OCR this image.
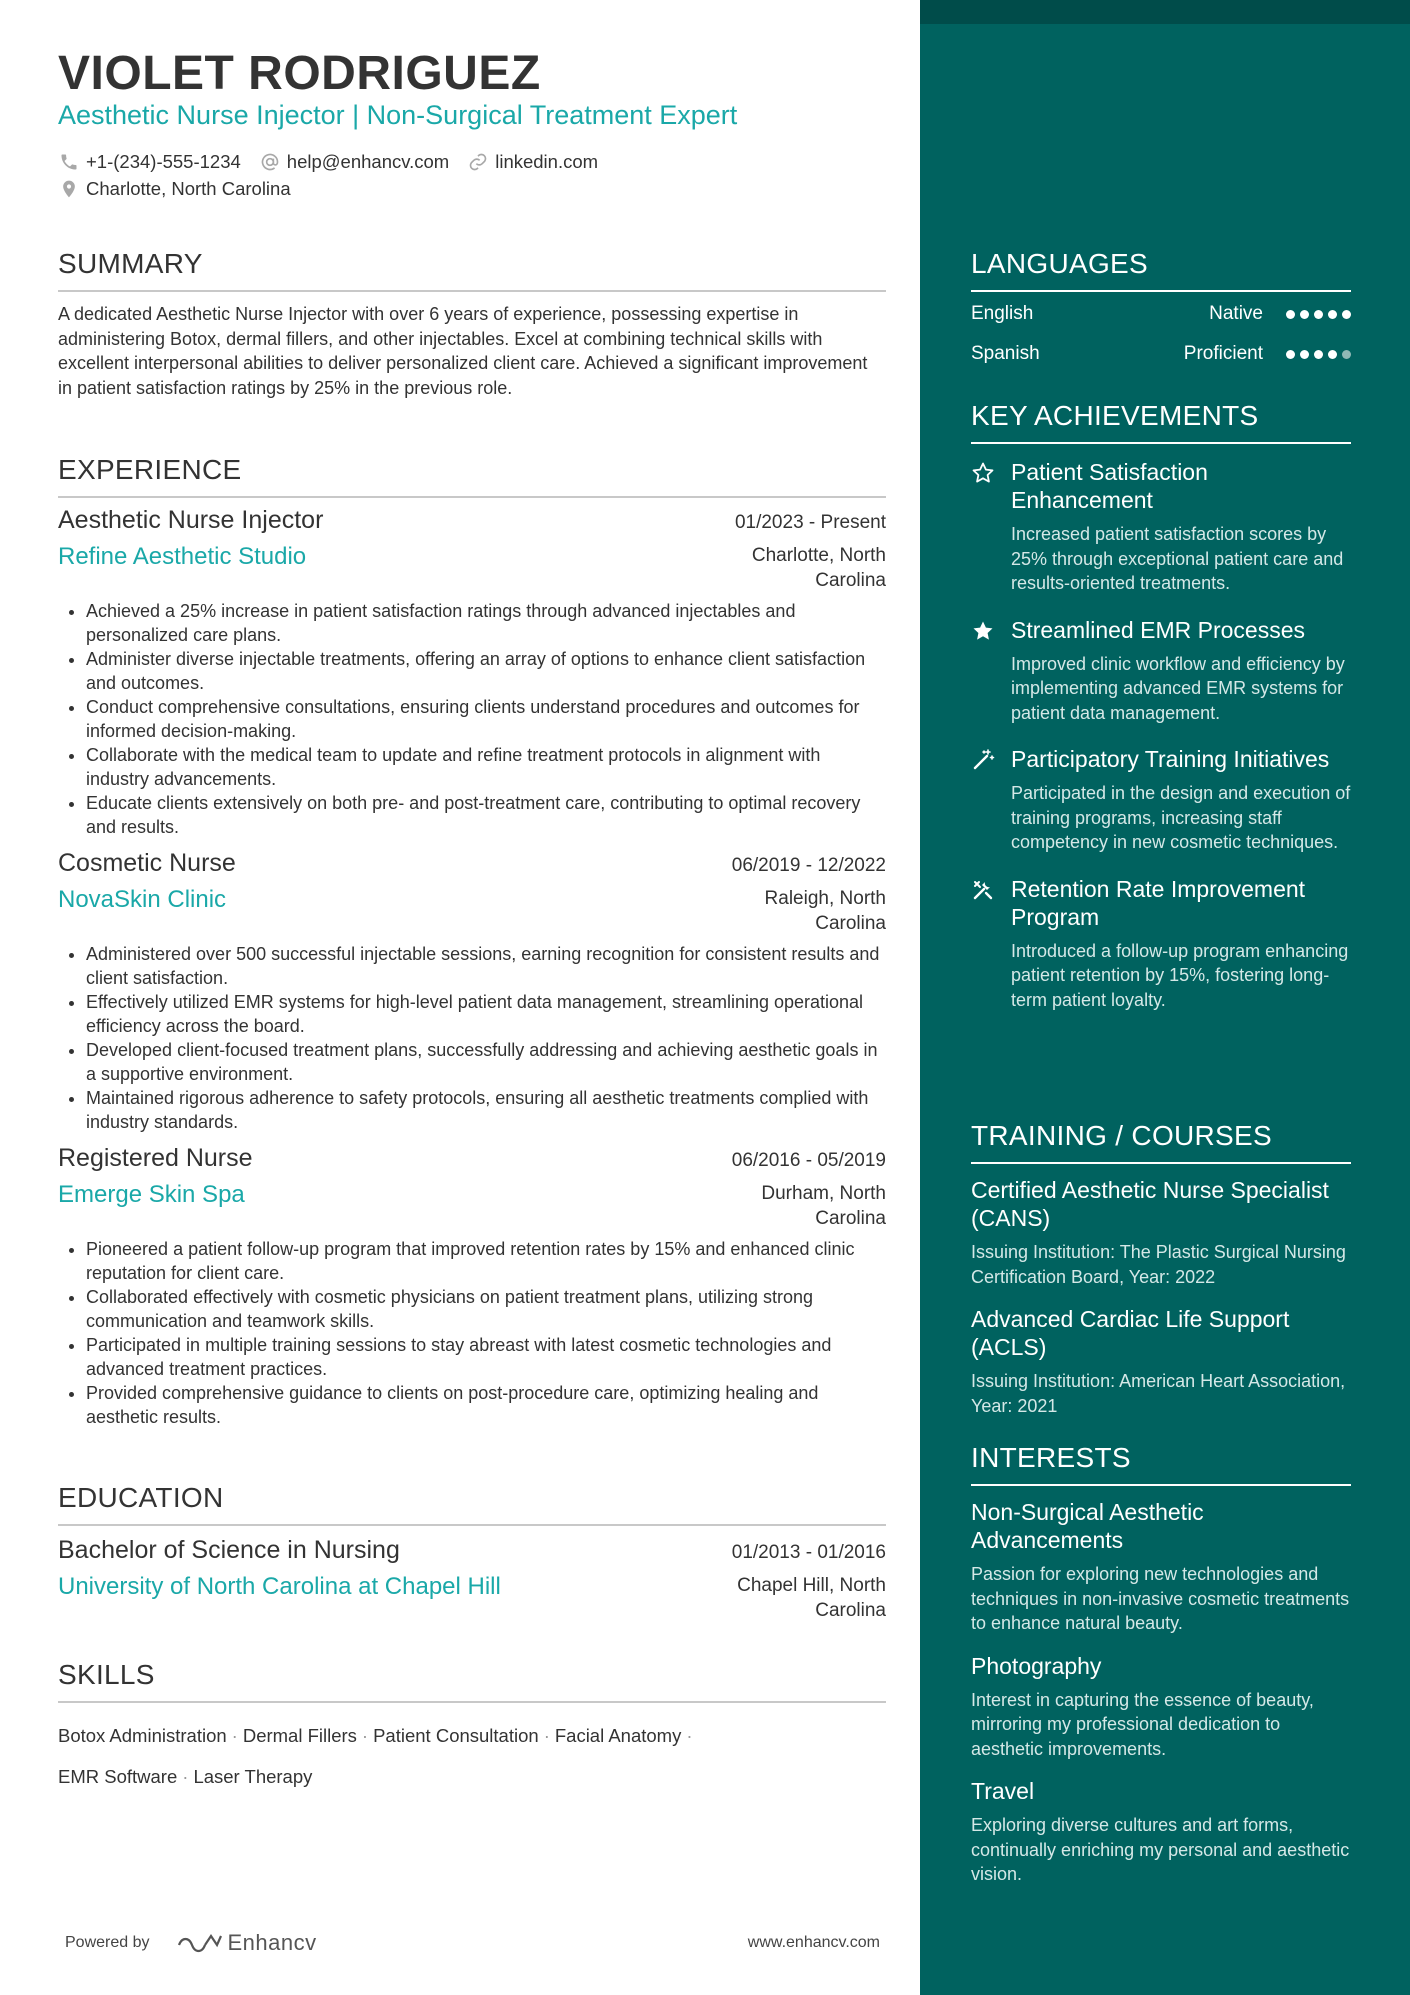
VIOLET RODRIGUEZ
Aesthetic Nurse Injector | Non-Surgical Treatment Expert
+1-(234)-555-1234 help@enhancv.com linkedin.com
Charlotte, North Carolina
SUMMARY
A dedicated Aesthetic Nurse Injector with over 6 years of experience, possessing expertise in administering Botox, dermal fillers, and other injectables. Excel at combining technical skills with excellent interpersonal abilities to deliver personalized client care. Achieved a significant improvement in patient satisfaction ratings by 25% in the previous role.
EXPERIENCE
Aesthetic Nurse Injector	01/2023 - Present
Refine Aesthetic Studio	Charlotte, North Carolina
• Achieved a 25% increase in patient satisfaction ratings through advanced injectables and personalized care plans.
• Administer diverse injectable treatments, offering an array of options to enhance client satisfaction and outcomes.
• Conduct comprehensive consultations, ensuring clients understand procedures and outcomes for informed decision-making.
• Collaborate with the medical team to update and refine treatment protocols in alignment with industry advancements.
• Educate clients extensively on both pre- and post-treatment care, contributing to optimal recovery and results.
Cosmetic Nurse	06/2019 - 12/2022
NovaSkin Clinic	Raleigh, North Carolina
• Administered over 500 successful injectable sessions, earning recognition for consistent results and client satisfaction.
• Effectively utilized EMR systems for high-level patient data management, streamlining operational efficiency across the board.
• Developed client-focused treatment plans, successfully addressing and achieving aesthetic goals in a supportive environment.
• Maintained rigorous adherence to safety protocols, ensuring all aesthetic treatments complied with industry standards.
Registered Nurse	06/2016 - 05/2019
Emerge Skin Spa	Durham, North Carolina
• Pioneered a patient follow-up program that improved retention rates by 15% and enhanced clinic reputation for client care.
• Collaborated effectively with cosmetic physicians on patient treatment plans, utilizing strong communication and teamwork skills.
• Participated in multiple training sessions to stay abreast with latest cosmetic technologies and advanced treatment practices.
• Provided comprehensive guidance to clients on post-procedure care, optimizing healing and aesthetic results.
EDUCATION
Bachelor of Science in Nursing	01/2013 - 01/2016
University of North Carolina at Chapel Hill	Chapel Hill, North Carolina
SKILLS
Botox Administration · Dermal Fillers · Patient Consultation · Facial Anatomy ·
EMR Software · Laser Therapy
Powered by	Enhancv	www.enhancv.com
LANGUAGES
English	Native
Spanish	Proficient
KEY ACHIEVEMENTS
Patient Satisfaction Enhancement
Increased patient satisfaction scores by 25% through exceptional patient care and results-oriented treatments.
Streamlined EMR Processes
Improved clinic workflow and efficiency by implementing advanced EMR systems for patient data management.
Participatory Training Initiatives
Participated in the design and execution of training programs, increasing staff competency in new cosmetic techniques.
Retention Rate Improvement Program
Introduced a follow-up program enhancing patient retention by 15%, fostering long-term patient loyalty.
TRAINING / COURSES
Certified Aesthetic Nurse Specialist (CANS)
Issuing Institution: The Plastic Surgical Nursing Certification Board, Year: 2022
Advanced Cardiac Life Support (ACLS)
Issuing Institution: American Heart Association, Year: 2021
INTERESTS
Non-Surgical Aesthetic Advancements
Passion for exploring new technologies and techniques in non-invasive cosmetic treatments to enhance natural beauty.
Photography
Interest in capturing the essence of beauty, mirroring my professional dedication to aesthetic improvements.
Travel
Exploring diverse cultures and art forms, continually enriching my personal and aesthetic vision.
